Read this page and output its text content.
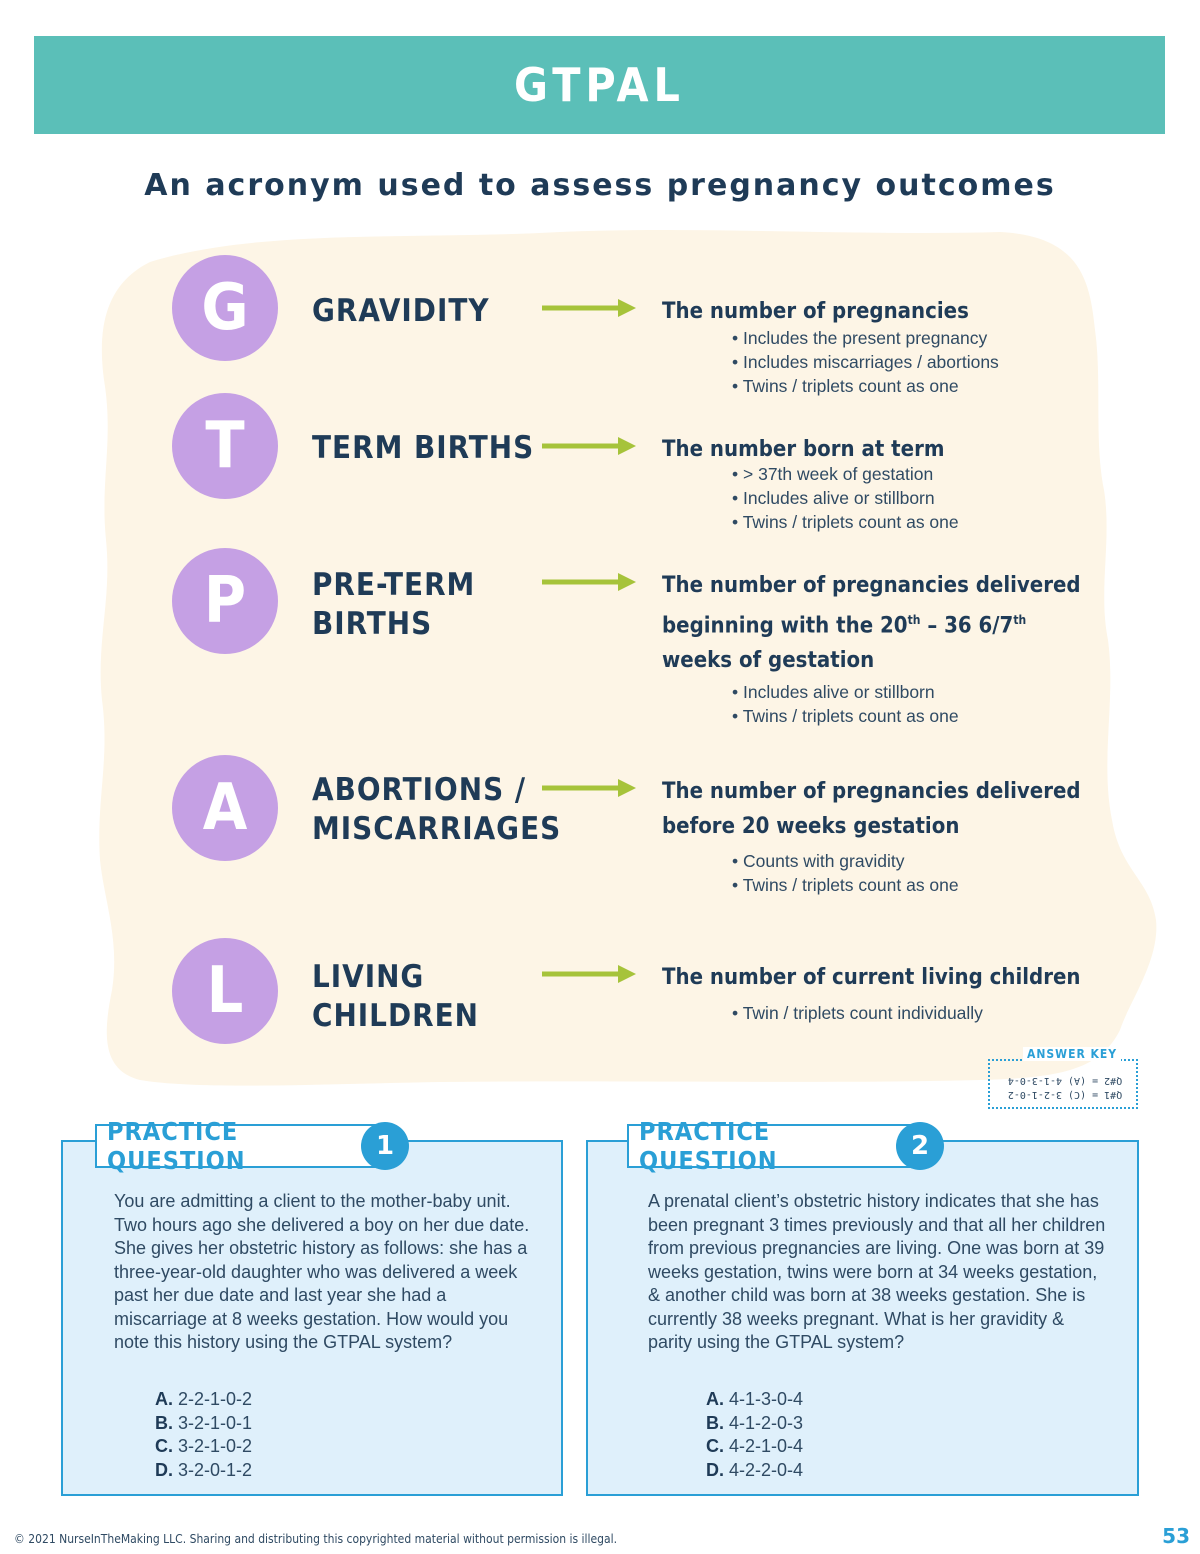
GTPAL
An acronym used to assess pregnancy outcomes
G	GRAVIDITY	The number of pregnancies
• Includes the present pregnancy
• Includes miscarriages / abortions
• Twins / triplets count as one
T	TERM BIRTHS	The number born at term
• > 37th week of gestation
• Includes alive or stillborn
• Twins / triplets count as one
P	PRE-TERM
BIRTHS
The number of pregnancies delivered beginning with the 20th – 36 6/7th weeks of gestation
• Includes alive or stillborn
• Twins / triplets count as one
A	ABORTIONS /
MISCARRIAGES
The number of pregnancies delivered before 20 weeks gestation
• Counts with gravidity
• Twins / triplets count as one
L	LIVING
CHILDREN
The number of current living children
• Twin / triplets count individually
ANSWER KEY
Q#1 = (C) 3-2-1-0-2
Q#2 = (A) 4-1-3-0-4
PRACTICE QUESTION	1
You are admitting a client to the mother-baby unit. Two hours ago she delivered a boy on her due date. She gives her obstetric history as follows: she has a three-year-old daughter who was delivered a week past her due date and last year she had a miscarriage at 8 weeks gestation. How would you note this history using the GTPAL system?
A. 2-2-1-0-2
B. 3-2-1-0-1
C. 3-2-1-0-2
D. 3-2-0-1-2
PRACTICE QUESTION	2
A prenatal client’s obstetric history indicates that she has been pregnant 3 times previously and that all her children from previous pregnancies are living. One was born at 39 weeks gestation, twins were born at 34 weeks gestation, & another child was born at 38 weeks gestation. She is currently 38 weeks pregnant. What is her gravidity & parity using the GTPAL system?
A. 4-1-3-0-4
B. 4-1-2-0-3
C. 4-2-1-0-4
D. 4-2-2-0-4
© 2021 NurseInTheMaking LLC. Sharing and distributing this copyrighted material without permission is illegal.	53
